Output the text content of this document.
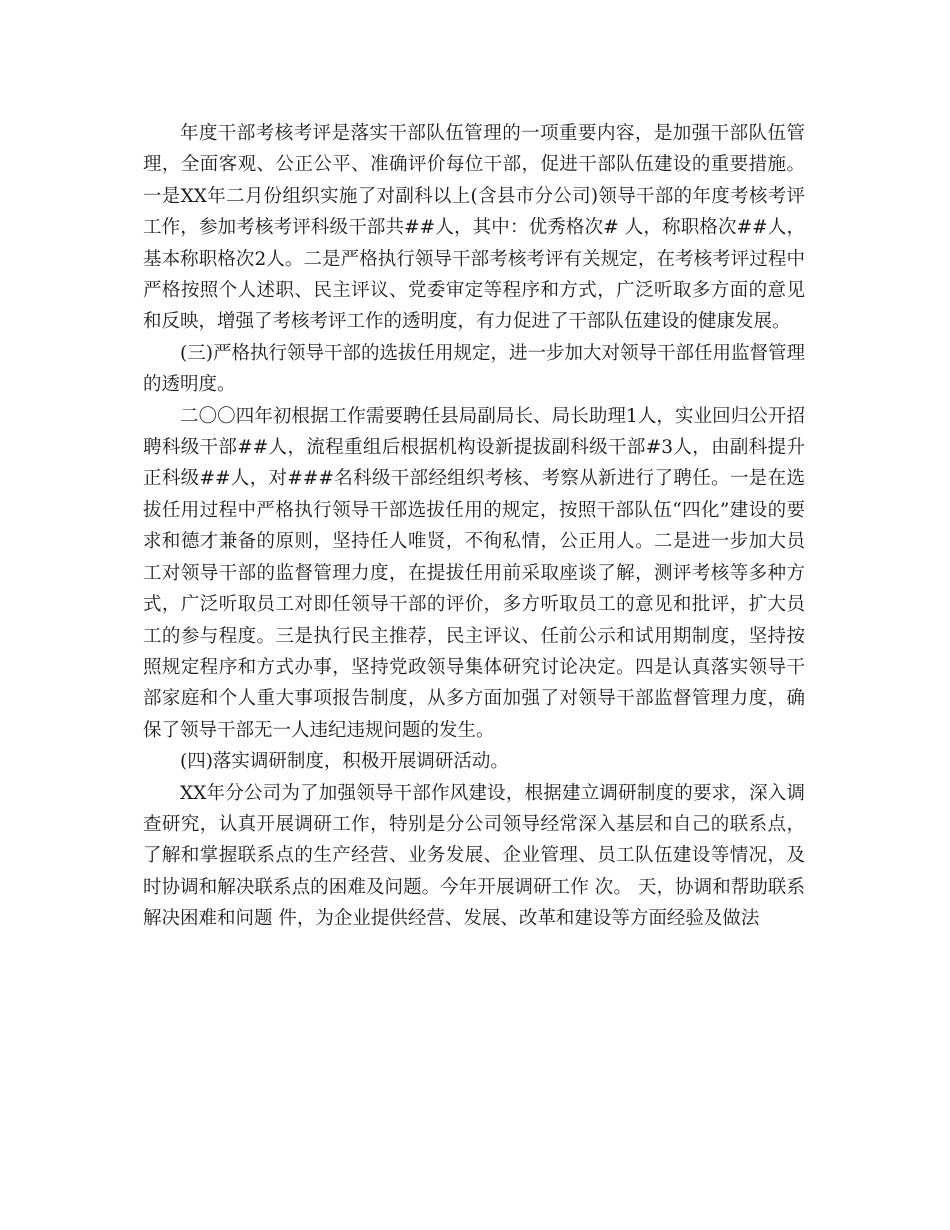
年度干部考核考评是落实干部队伍管理的一项重要内容，是加强干部队伍管理，全面客观、公正公平、准确评价每位干部，促进干部队伍建设的重要措施。一是XX年二月份组织实施了对副科以上(含县市分公司)领导干部的年度考核考评工作，参加考核考评科级干部共##人，其中：优秀格次# 人，称职格次##人，基本称职格次2人。二是严格执行领导干部考核考评有关规定，在考核考评过程中严格按照个人述职、民主评议、党委审定等程序和方式，广泛听取多方面的意见和反映，增强了考核考评工作的透明度，有力促进了干部队伍建设的健康发展。

(三)严格执行领导干部的选拔任用规定，进一步加大对领导干部任用监督管理的透明度。

二〇〇四年初根据工作需要聘任县局副局长、局长助理1人，实业回归公开招聘科级干部##人，流程重组后根据机构设新提拔副科级干部#3人，由副科提升正科级##人，对###名科级干部经组织考核、考察从新进行了聘任。一是在选拔任用过程中严格执行领导干部选拔任用的规定，按照干部队伍“四化”建设的要求和德才兼备的原则，坚持任人唯贤，不徇私情，公正用人。二是进一步加大员工对领导干部的监督管理力度，在提拔任用前采取座谈了解，测评考核等多种方式，广泛听取员工对即任领导干部的评价，多方听取员工的意见和批评，扩大员工的参与程度。三是执行民主推荐，民主评议、任前公示和试用期制度，坚持按照规定程序和方式办事，坚持党政领导集体研究讨论决定。四是认真落实领导干部家庭和个人重大事项报告制度，从多方面加强了对领导干部监督管理力度，确保了领导干部无一人违纪违规问题的发生。

(四)落实调研制度，积极开展调研活动。

XX年分公司为了加强领导干部作风建设，根据建立调研制度的要求，深入调查研究，认真开展调研工作，特别是分公司领导经常深入基层和自己的联系点，了解和掌握联系点的生产经营、业务发展、企业管理、员工队伍建设等情况，及时协调和解决联系点的困难及问题。今年开展调研工作 次。 天，协调和帮助联系解决困难和问题 件，为企业提供经营、发展、改革和建设等方面经验及做法
